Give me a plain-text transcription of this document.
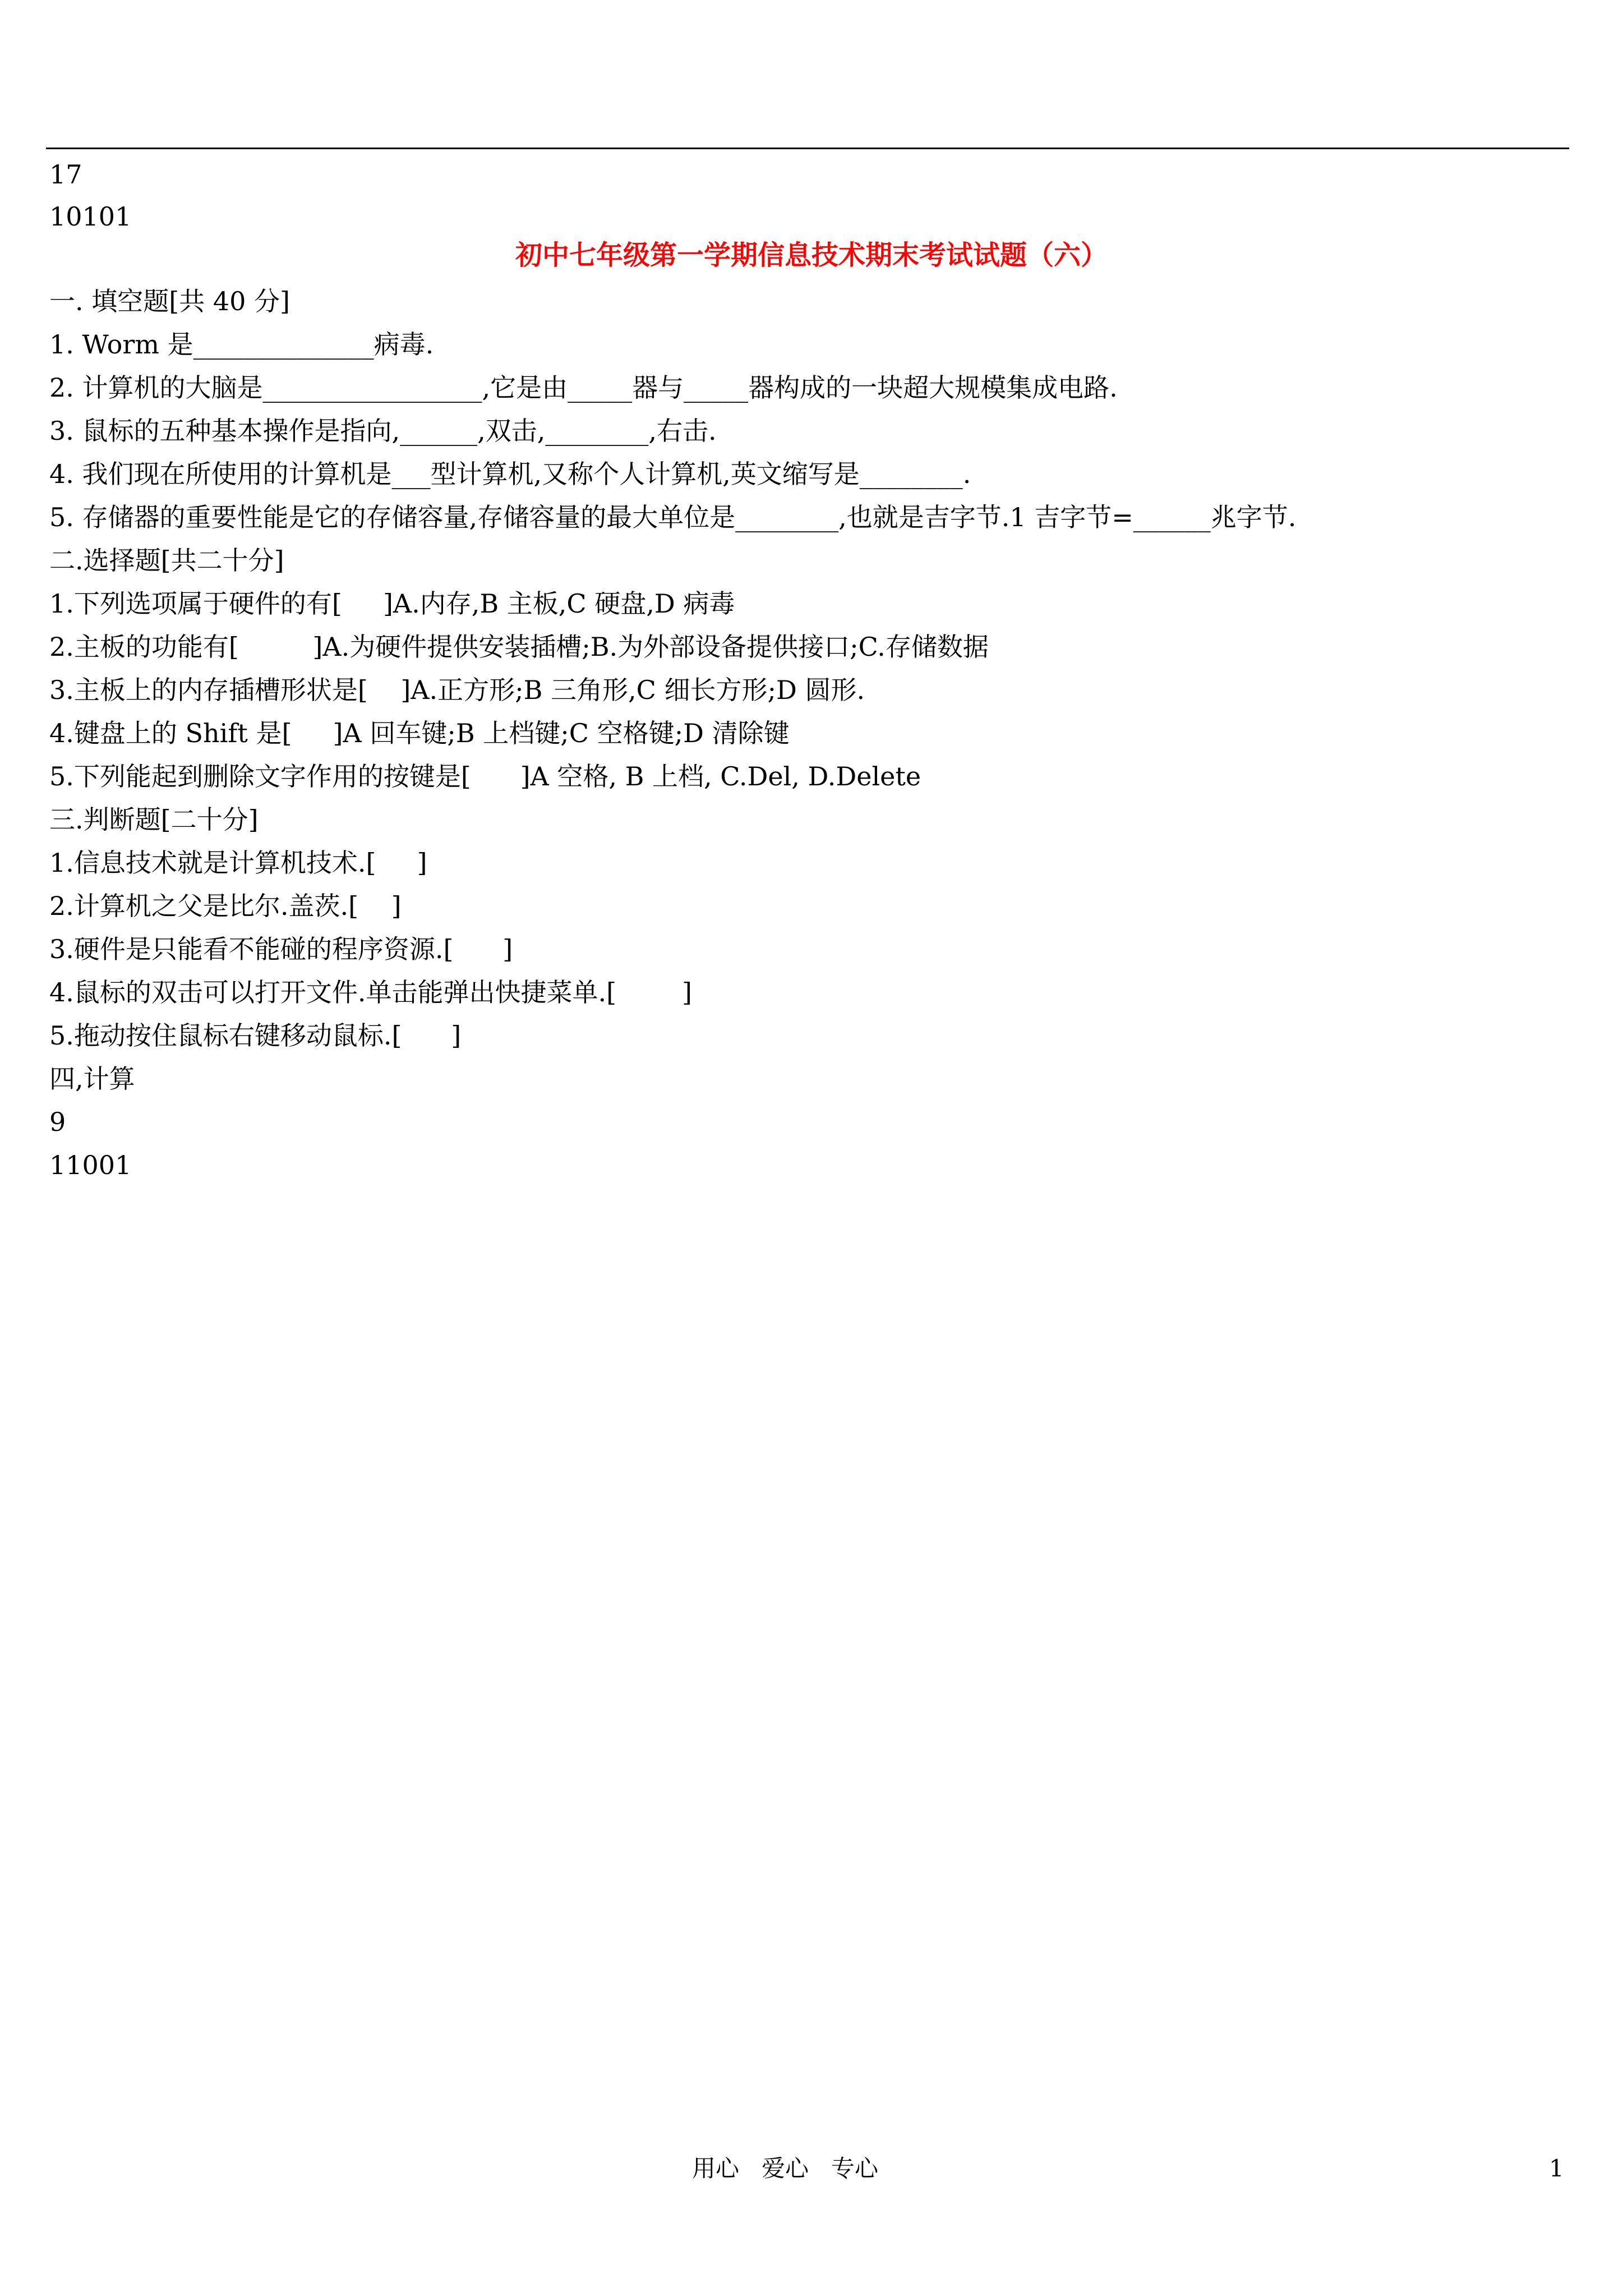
17
10101
初中七年级第一学期信息技术期末考试试题（六）
一. 填空题[共 40 分]
1. Worm 是______________病毒.
2. 计算机的大脑是_________________,它是由_____器与_____器构成的一块超大规模集成电路.
3. 鼠标的五种基本操作是指向,______,双击,________,右击.
4. 我们现在所使用的计算机是___型计算机,又称个人计算机,英文缩写是________.
5. 存储器的重要性能是它的存储容量,存储容量的最大单位是________,也就是吉字节.1 吉字节=______兆字节.
二.选择题[共二十分]
1.下列选项属于硬件的有[     ]A.内存,B 主板,C 硬盘,D 病毒
2.主板的功能有[         ]A.为硬件提供安装插槽;B.为外部设备提供接口;C.存储数据
3.主板上的内存插槽形状是[    ]A.正方形;B 三角形,C 细长方形;D 圆形.
4.键盘上的 Shift 是[     ]A 回车键;B 上档键;C 空格键;D 清除键
5.下列能起到删除文字作用的按键是[      ]A 空格, B 上档, C.Del, D.Delete
三.判断题[二十分]
1.信息技术就是计算机技术.[     ]
2.计算机之父是比尔.盖茨.[    ]
3.硬件是只能看不能碰的程序资源.[      ]
4.鼠标的双击可以打开文件.单击能弹出快捷菜单.[        ]
5.拖动按住鼠标右键移动鼠标.[      ]
四,计算
9
11001
用心   爱心   专心	1
